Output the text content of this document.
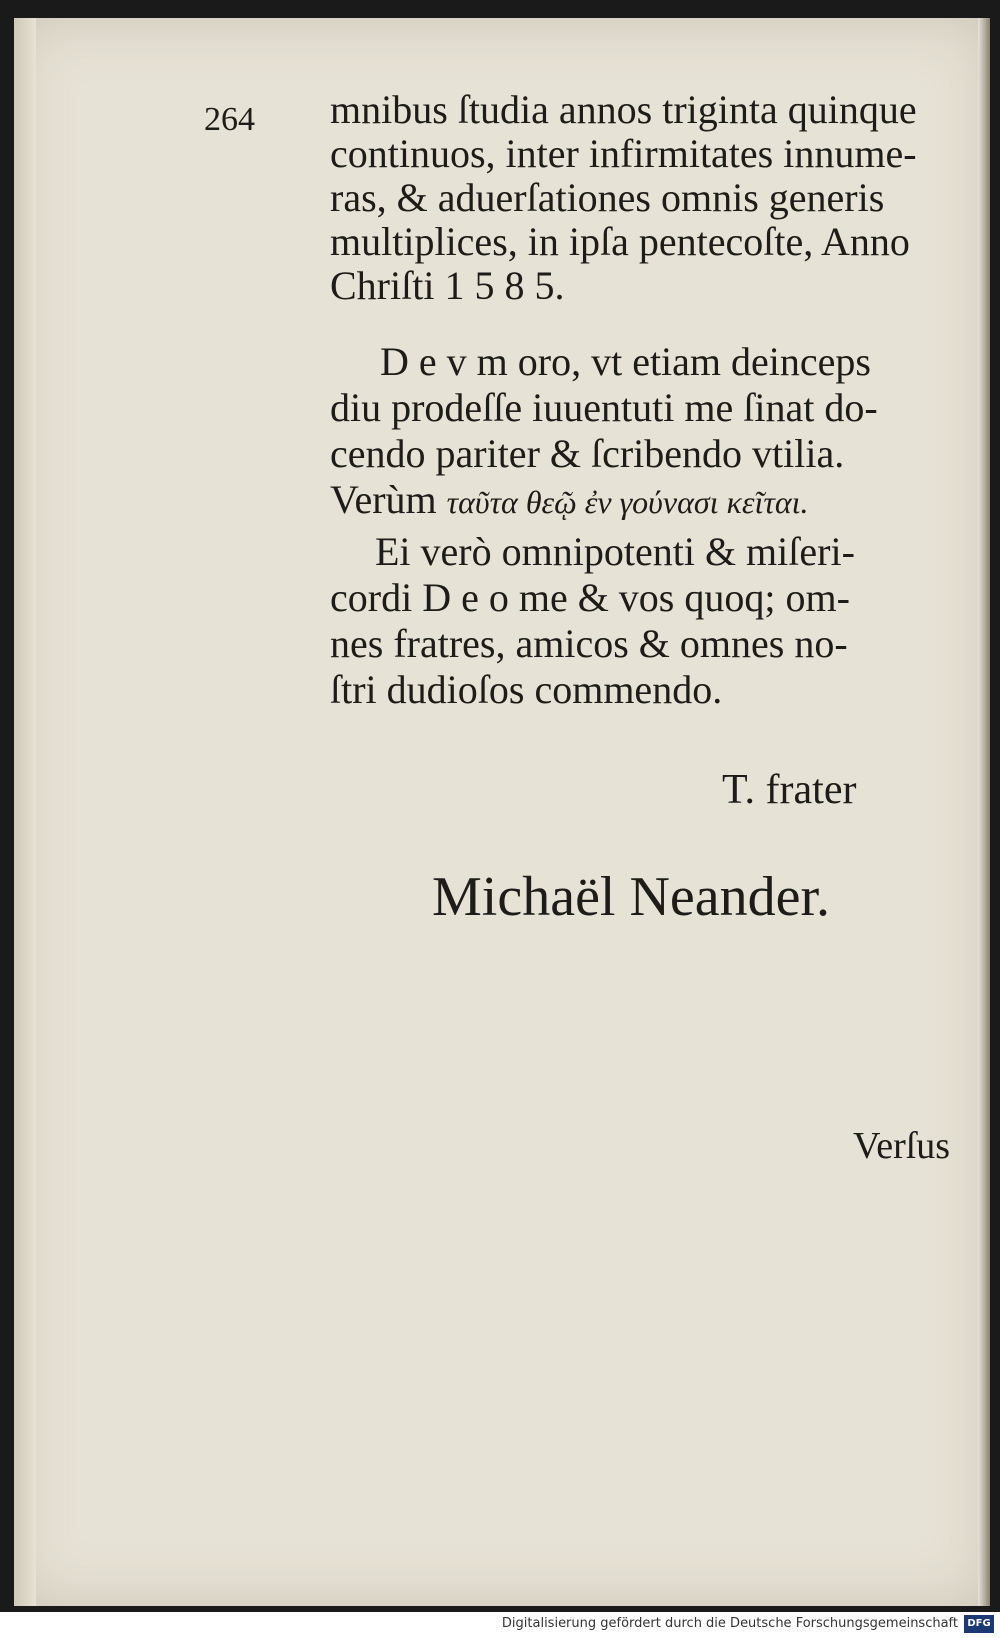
264 mnibus ſtudia annos triginta quinque
continuos, inter infirmitates innume-
ras, & aduerſationes omnis generis
multiplices, in ipſa pentecoſte, Anno
Chriſti 1 5 8 5.
D e v m oro, vt etiam deinceps
diu prodeſſe iuuentuti me ſinat do-
cendo pariter & ſcribendo vtilia.
Verùm ταῦτα θεῷ ἐν γούνασι κεῖται.
Ei verò omnipotenti & miſeri-
cordi D e o me & vos quoq; om-
nes fratres, amicos & omnes no-
ſtri dudioſos commendo.
T. frater
Michaël Neander.
Verſus
Digitalisierung gefördert durch die Deutsche Forschungsgemeinschaft DFG
